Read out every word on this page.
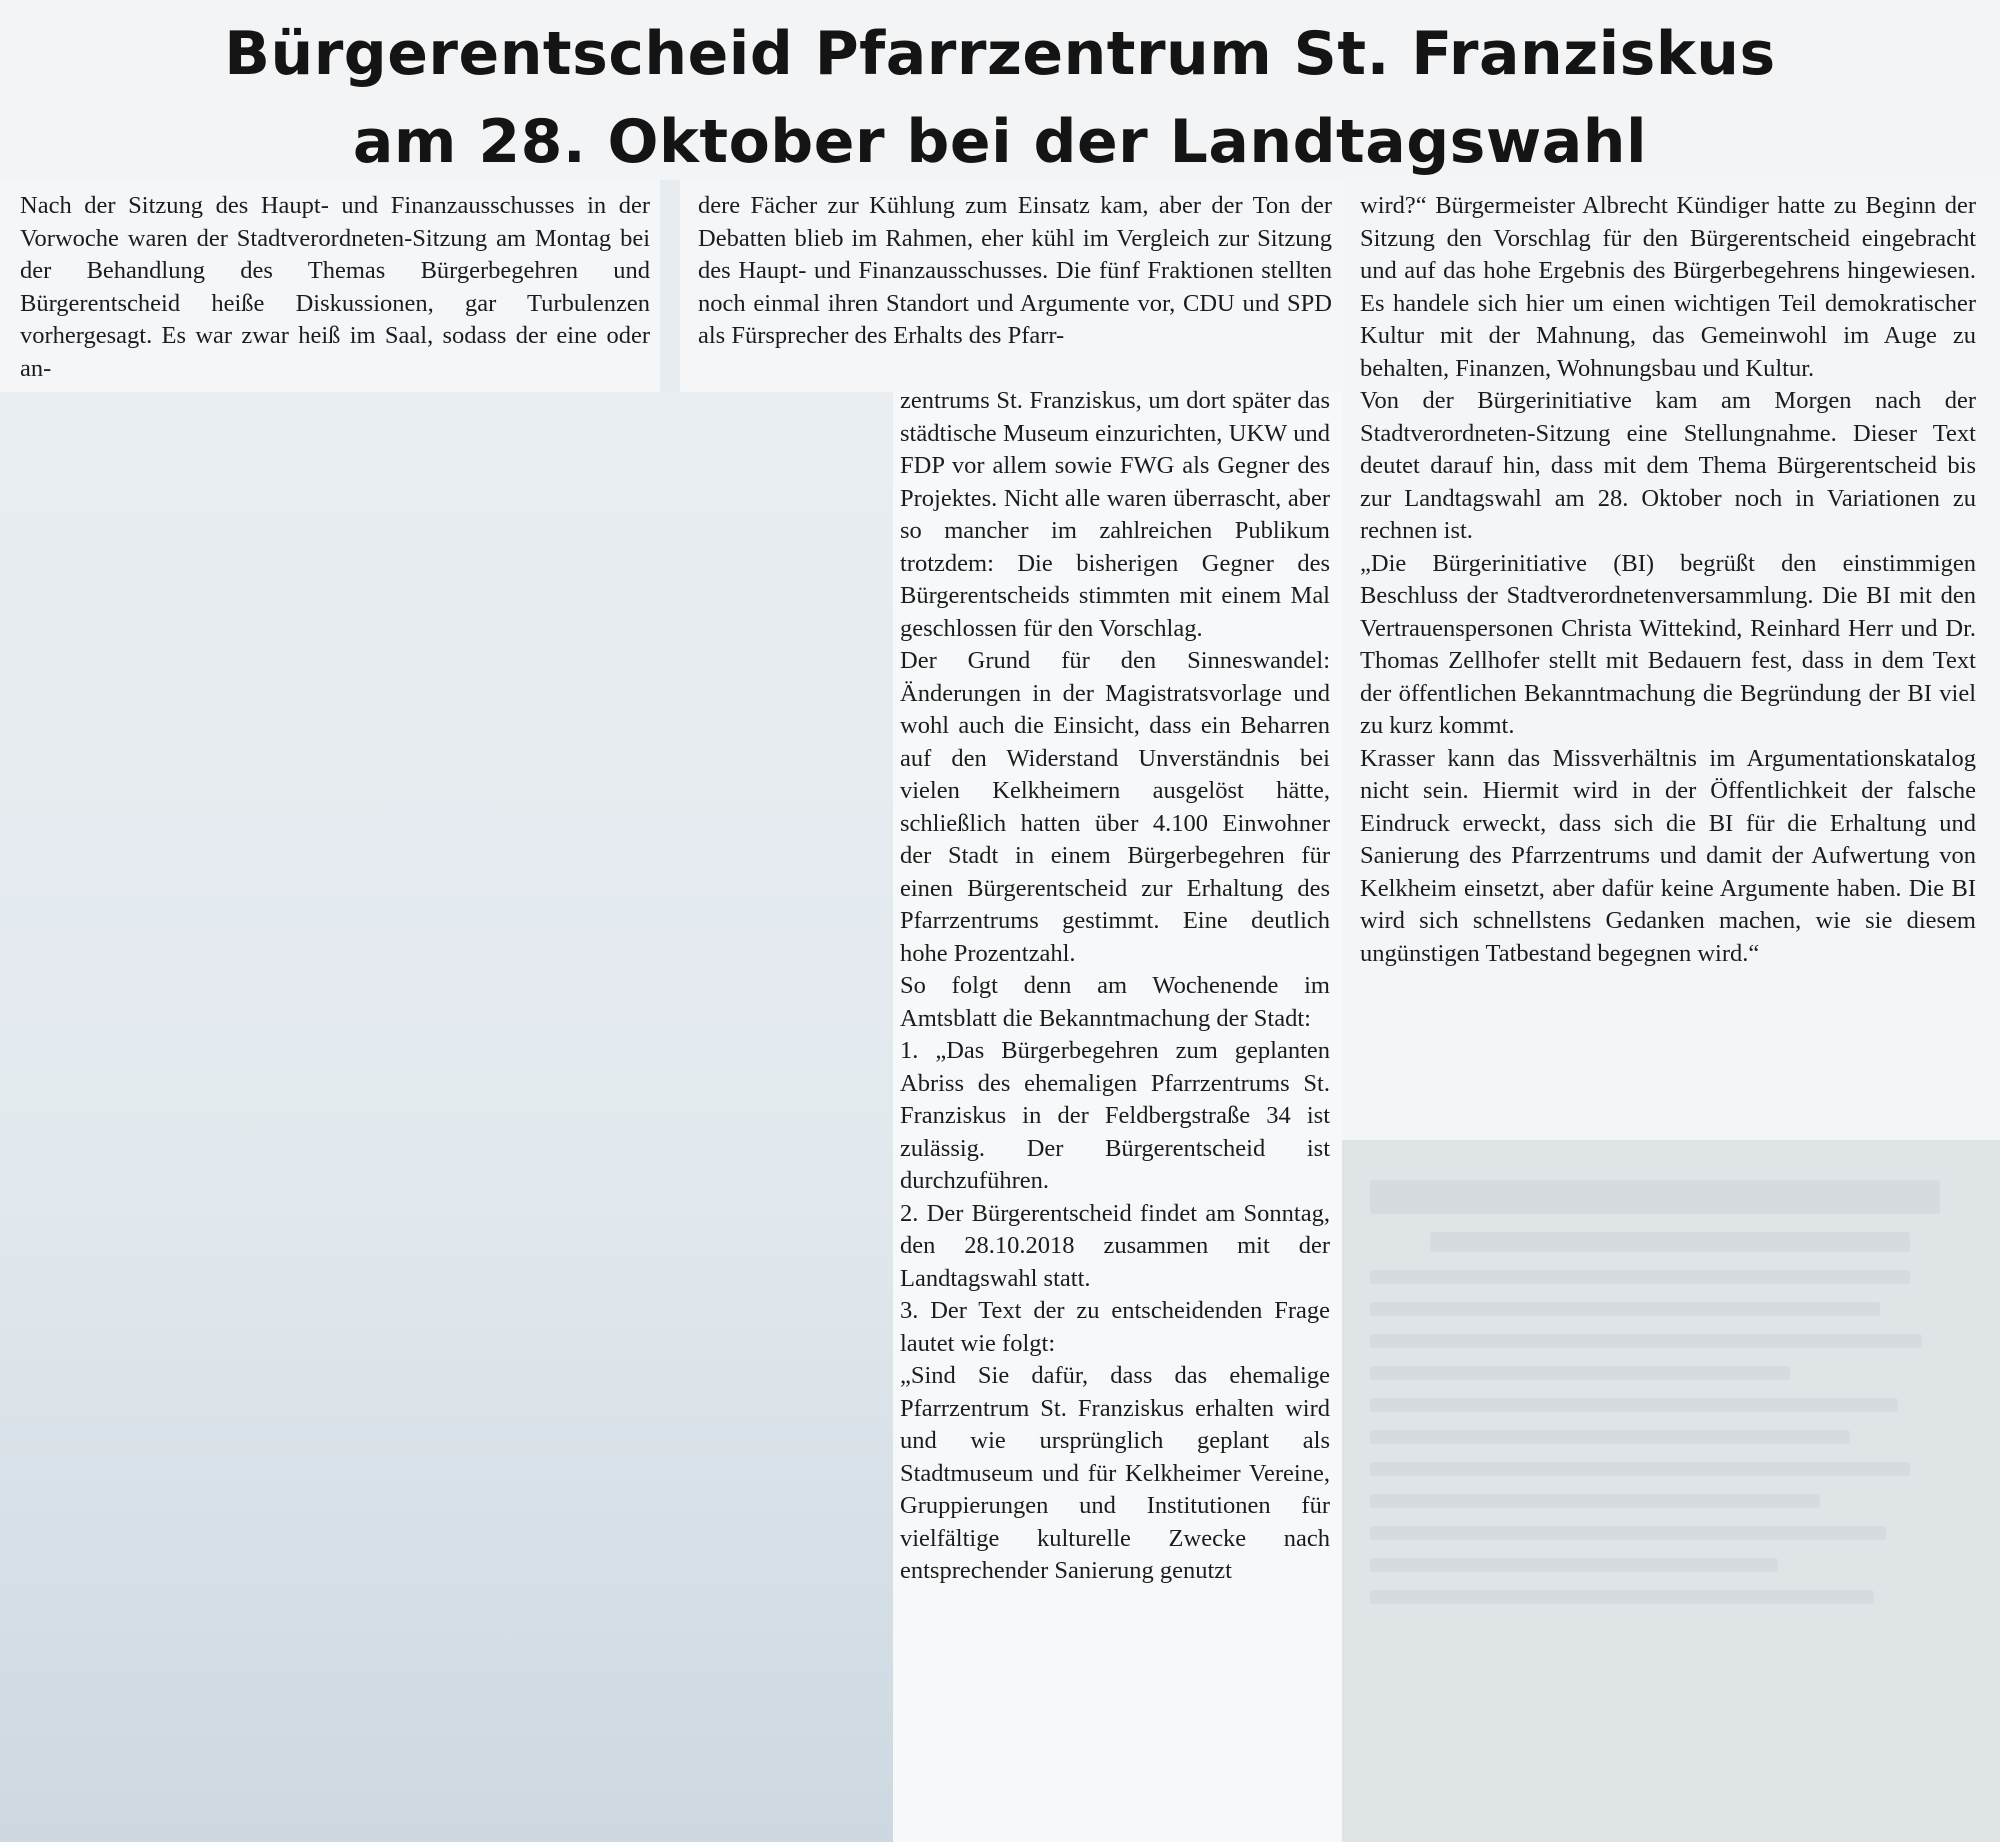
Bürgerentscheid Pfarrzentrum St. Franziskus
am 28. Oktober bei der Landtagswahl

Nach der Sitzung des Haupt- und Finanzausschusses in der Vorwoche waren der Stadtverordneten-Sitzung am Montag bei der Behandlung des Themas Bürgerbegehren und Bürgerentscheid heiße Diskussionen, gar Turbulenzen vorhergesagt. Es war zwar heiß im Saal, sodass der eine oder an-

dere Fächer zur Kühlung zum Einsatz kam, aber der Ton der Debatten blieb im Rahmen, eher kühl im Vergleich zur Sitzung des Haupt- und Finanzausschusses. Die fünf Fraktionen stellten noch einmal ihren Standort und Argumente vor, CDU und SPD als Fürsprecher des Erhalts des Pfarr-

zentrums St. Franziskus, um dort später das städtische Museum einzurichten, UKW und FDP vor allem sowie FWG als Gegner des Projektes. Nicht alle waren überrascht, aber so mancher im zahlreichen Publikum trotzdem: Die bisherigen Gegner des Bürgerentscheids stimmten mit einem Mal geschlossen für den Vorschlag.

Der Grund für den Sinneswandel: Änderungen in der Magistratsvorlage und wohl auch die Einsicht, dass ein Beharren auf den Widerstand Unverständnis bei vielen Kelkheimern ausgelöst hätte, schließlich hatten über 4.100 Einwohner der Stadt in einem Bürgerbegehren für einen Bürgerentscheid zur Erhaltung des Pfarrzentrums gestimmt. Eine deutlich hohe Prozentzahl.

So folgt denn am Wochenende im Amtsblatt die Bekanntmachung der Stadt:

1. „Das Bürgerbegehren zum geplanten Abriss des ehemaligen Pfarrzentrums St. Franziskus in der Feldbergstraße 34 ist zulässig. Der Bürgerentscheid ist durchzuführen.

2. Der Bürgerentscheid findet am Sonntag, den 28.10.2018 zusammen mit der Landtagswahl statt.

3. Der Text der zu entscheidenden Frage lautet wie folgt:

„Sind Sie dafür, dass das ehemalige Pfarrzentrum St. Franziskus erhalten wird und wie ursprünglich geplant als Stadtmuseum und für Kelkheimer Vereine, Gruppierungen und Institutionen für vielfältige kulturelle Zwecke nach entsprechender Sanierung genutzt

wird?“ Bürgermeister Albrecht Kündiger hatte zu Beginn der Sitzung den Vorschlag für den Bürgerentscheid eingebracht und auf das hohe Ergebnis des Bürgerbegehrens hingewiesen. Es handele sich hier um einen wichtigen Teil demokratischer Kultur mit der Mahnung, das Gemeinwohl im Auge zu behalten, Finanzen, Wohnungsbau und Kultur.

Von der Bürgerinitiative kam am Morgen nach der Stadtverordneten-Sitzung eine Stellungnahme. Dieser Text deutet darauf hin, dass mit dem Thema Bürgerentscheid bis zur Landtagswahl am 28. Oktober noch in Variationen zu rechnen ist.

„Die Bürgerinitiative (BI) begrüßt den einstimmigen Beschluss der Stadtverordnetenversammlung. Die BI mit den Vertrauenspersonen Christa Wittekind, Reinhard Herr und Dr. Thomas Zellhofer stellt mit Bedauern fest, dass in dem Text der öffentlichen Bekanntmachung die Begründung der BI viel zu kurz kommt.

Krasser kann das Missverhältnis im Argumentationskatalog nicht sein. Hiermit wird in der Öffentlichkeit der falsche Eindruck erweckt, dass sich die BI für die Erhaltung und Sanierung des Pfarrzentrums und damit der Aufwertung von Kelkheim einsetzt, aber dafür keine Argumente haben. Die BI wird sich schnellstens Gedanken machen, wie sie diesem ungünstigen Tatbestand begegnen wird.“
